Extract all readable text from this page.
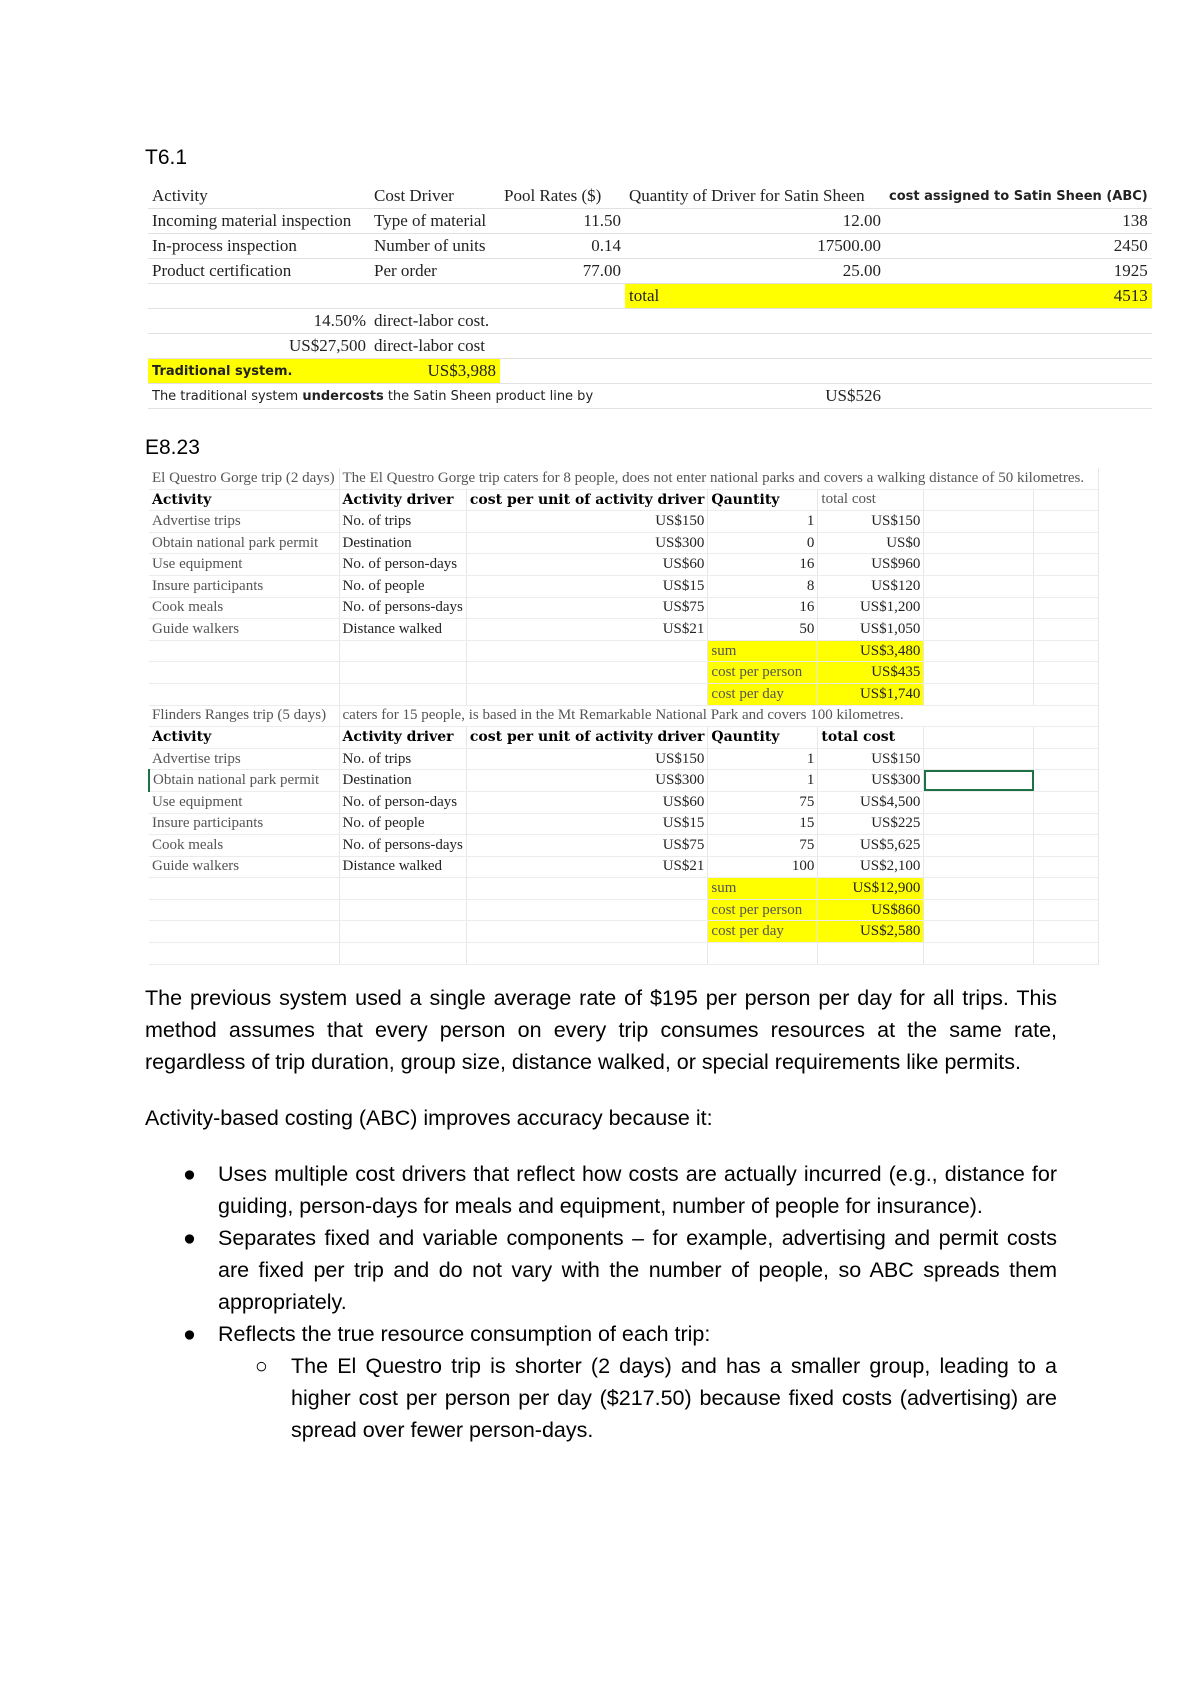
T6.1
Activity	Cost Driver	Pool Rates ($)	Quantity of Driver for Satin Sheen	cost assigned to Satin Sheen (ABC)
Incoming material inspection	Type of material	11.50	12.00	138
In-process inspection	Number of units	0.14	17500.00	2450
Product certification	Per order	77.00	25.00	1925
			total	4513
14.50%	direct-labor cost.			
US$27,500	direct-labor cost			
Traditional system.	US$3,988			
The traditional system undercosts the Satin Sheen product line by			US$526	
E8.23
El Questro Gorge trip (2 days)	The El Questro Gorge trip caters for 8 people, does not enter national parks and covers a walking distance of 50 kilometres.					
Activity	Activity driver	cost per unit of activity driver	Qauntity	total cost		
Advertise trips	No. of trips	US$150	1	US$150		
Obtain national park permit	Destination	US$300	0	US$0		
Use equipment	No. of person-days	US$60	16	US$960		
Insure participants	No. of people	US$15	8	US$120		
Cook meals	No. of persons-days	US$75	16	US$1,200		
Guide walkers	Distance walked	US$21	50	US$1,050		
			sum	US$3,480		
			cost per person	US$435		
			cost per day	US$1,740		
Flinders Ranges trip (5 days)	caters for 15 people, is based in the Mt Remarkable National Park and covers 100 kilometres.					
Activity	Activity driver	cost per unit of activity driver	Qauntity	total cost		
Advertise trips	No. of trips	US$150	1	US$150		
Obtain national park permit	Destination	US$300	1	US$300		
Use equipment	No. of person-days	US$60	75	US$4,500		
Insure participants	No. of people	US$15	15	US$225		
Cook meals	No. of persons-days	US$75	75	US$5,625		
Guide walkers	Distance walked	US$21	100	US$2,100		
			sum	US$12,900		
			cost per person	US$860		
			cost per day	US$2,580		

The previous system used a single average rate of $195 per person per day for all trips. This method assumes that every person on every trip consumes resources at the same rate, regardless of trip duration, group size, distance walked, or special requirements like permits.

Activity-based costing (ABC) improves accuracy because it:

● Uses multiple cost drivers that reflect how costs are actually incurred (e.g., distance for guiding, person-days for meals and equipment, number of people for insurance).
● Separates fixed and variable components – for example, advertising and permit costs are fixed per trip and do not vary with the number of people, so ABC spreads them appropriately.
● Reflects the true resource consumption of each trip:
○ The El Questro trip is shorter (2 days) and has a smaller group, leading to a higher cost per person per day ($217.50) because fixed costs (advertising) are spread over fewer person-days.
